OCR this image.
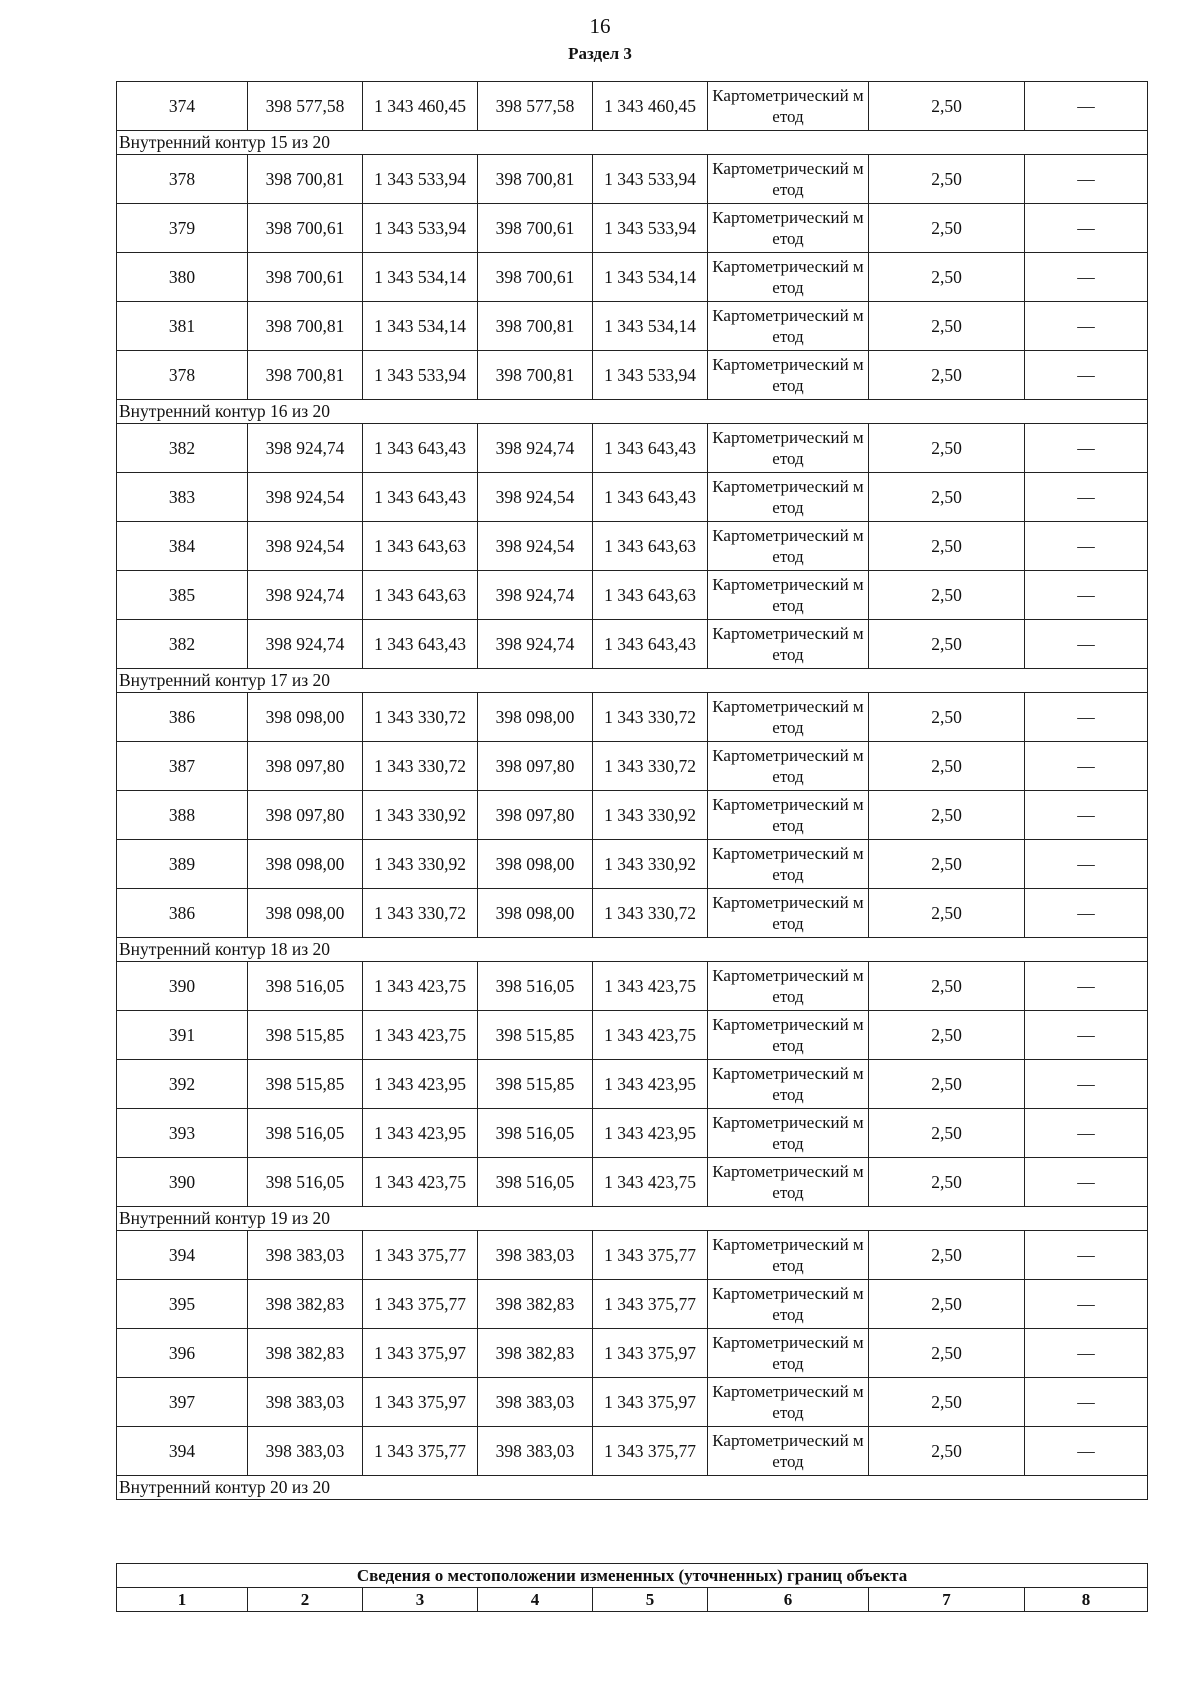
16
Раздел 3
374	398 577,58	1 343 460,45	398 577,58	1 343 460,45	Картометрический метод	2,50	—
Внутренний контур 15 из 20							
378	398 700,81	1 343 533,94	398 700,81	1 343 533,94	Картометрический метод	2,50	—
379	398 700,61	1 343 533,94	398 700,61	1 343 533,94	Картометрический метод	2,50	—
380	398 700,61	1 343 534,14	398 700,61	1 343 534,14	Картометрический метод	2,50	—
381	398 700,81	1 343 534,14	398 700,81	1 343 534,14	Картометрический метод	2,50	—
378	398 700,81	1 343 533,94	398 700,81	1 343 533,94	Картометрический метод	2,50	—
Внутренний контур 16 из 20							
382	398 924,74	1 343 643,43	398 924,74	1 343 643,43	Картометрический метод	2,50	—
383	398 924,54	1 343 643,43	398 924,54	1 343 643,43	Картометрический метод	2,50	—
384	398 924,54	1 343 643,63	398 924,54	1 343 643,63	Картометрический метод	2,50	—
385	398 924,74	1 343 643,63	398 924,74	1 343 643,63	Картометрический метод	2,50	—
382	398 924,74	1 343 643,43	398 924,74	1 343 643,43	Картометрический метод	2,50	—
Внутренний контур 17 из 20							
386	398 098,00	1 343 330,72	398 098,00	1 343 330,72	Картометрический метод	2,50	—
387	398 097,80	1 343 330,72	398 097,80	1 343 330,72	Картометрический метод	2,50	—
388	398 097,80	1 343 330,92	398 097,80	1 343 330,92	Картометрический метод	2,50	—
389	398 098,00	1 343 330,92	398 098,00	1 343 330,92	Картометрический метод	2,50	—
386	398 098,00	1 343 330,72	398 098,00	1 343 330,72	Картометрический метод	2,50	—
Внутренний контур 18 из 20							
390	398 516,05	1 343 423,75	398 516,05	1 343 423,75	Картометрический метод	2,50	—
391	398 515,85	1 343 423,75	398 515,85	1 343 423,75	Картометрический метод	2,50	—
392	398 515,85	1 343 423,95	398 515,85	1 343 423,95	Картометрический метод	2,50	—
393	398 516,05	1 343 423,95	398 516,05	1 343 423,95	Картометрический метод	2,50	—
390	398 516,05	1 343 423,75	398 516,05	1 343 423,75	Картометрический метод	2,50	—
Внутренний контур 19 из 20							
394	398 383,03	1 343 375,77	398 383,03	1 343 375,77	Картометрический метод	2,50	—
395	398 382,83	1 343 375,77	398 382,83	1 343 375,77	Картометрический метод	2,50	—
396	398 382,83	1 343 375,97	398 382,83	1 343 375,97	Картометрический метод	2,50	—
397	398 383,03	1 343 375,97	398 383,03	1 343 375,97	Картометрический метод	2,50	—
394	398 383,03	1 343 375,77	398 383,03	1 343 375,77	Картометрический метод	2,50	—
Внутренний контур 20 из 20							
Сведения о местоположении измененных (уточненных) границ объекта
1	2	3	4	5	6	7	8
